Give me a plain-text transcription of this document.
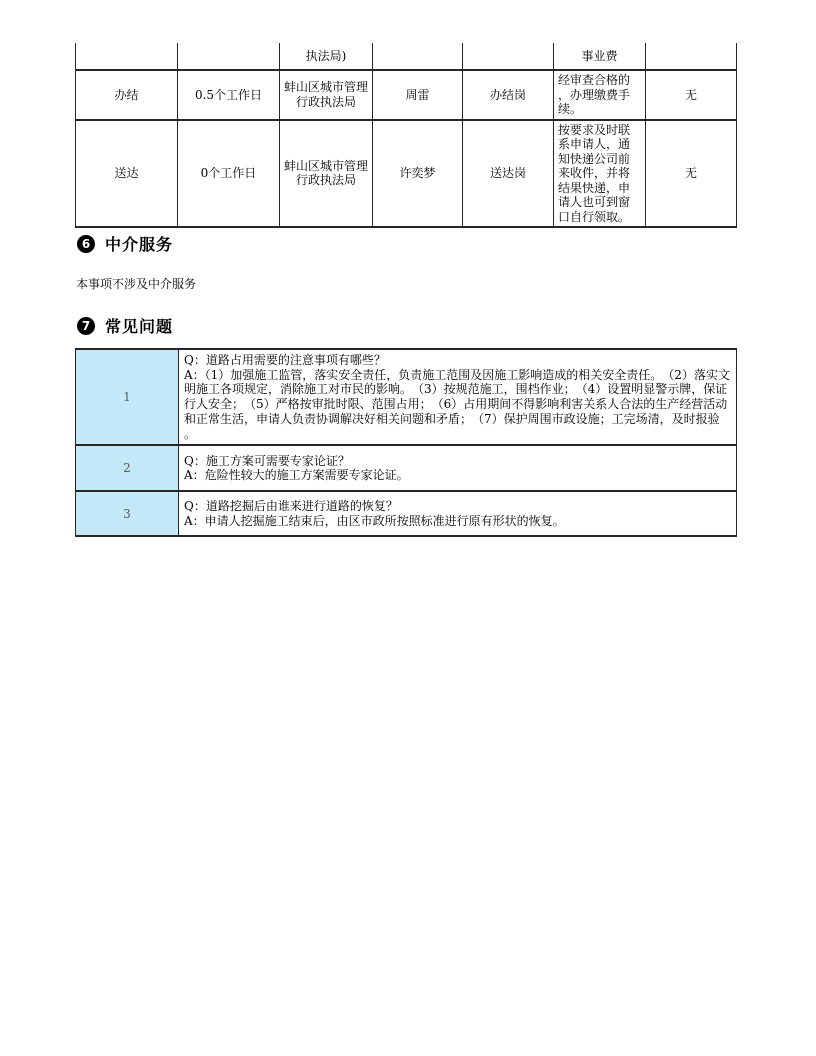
		执法局)			事业费	
办结	0.5个工作日	蚌山区城市管理行政执法局	周雷	办结岗	经审查合格的，办理缴费手续。	无
送达	0个工作日	蚌山区城市管理行政执法局	许奕梦	送达岗	按要求及时联系申请人，通知快递公司前来收件，并将结果快递，申请人也可到窗口自行领取。	无
6 中介服务

本事项不涉及中介服务

7 常见问题
1	Q：道路占用需要的注意事项有哪些？
A：（1）加强施工监管，落实安全责任，负责施工范围及因施工影响造成的相关安全责任。　（2）落实文明施工各项规定，消除施工对市民的影响。　（3）按规范施工，围档作业；　（4）设置明显警示牌，保证行人安全；　（5）严格按审批时限、范围占用；　（6）占用期间不得影响利害关系人合法的生产经营活动和正常生活，申请人负责协调解决好相关问题和矛盾；　（7）保护周围市政设施；工完场清，及时报验。

2	Q：施工方案可需要专家论证？
A：危险性较大的施工方案需要专家论证。

3	Q：道路挖掘后由谁来进行道路的恢复？
A：申请人挖掘施工结束后，由区市政所按照标准进行原有形状的恢复。
